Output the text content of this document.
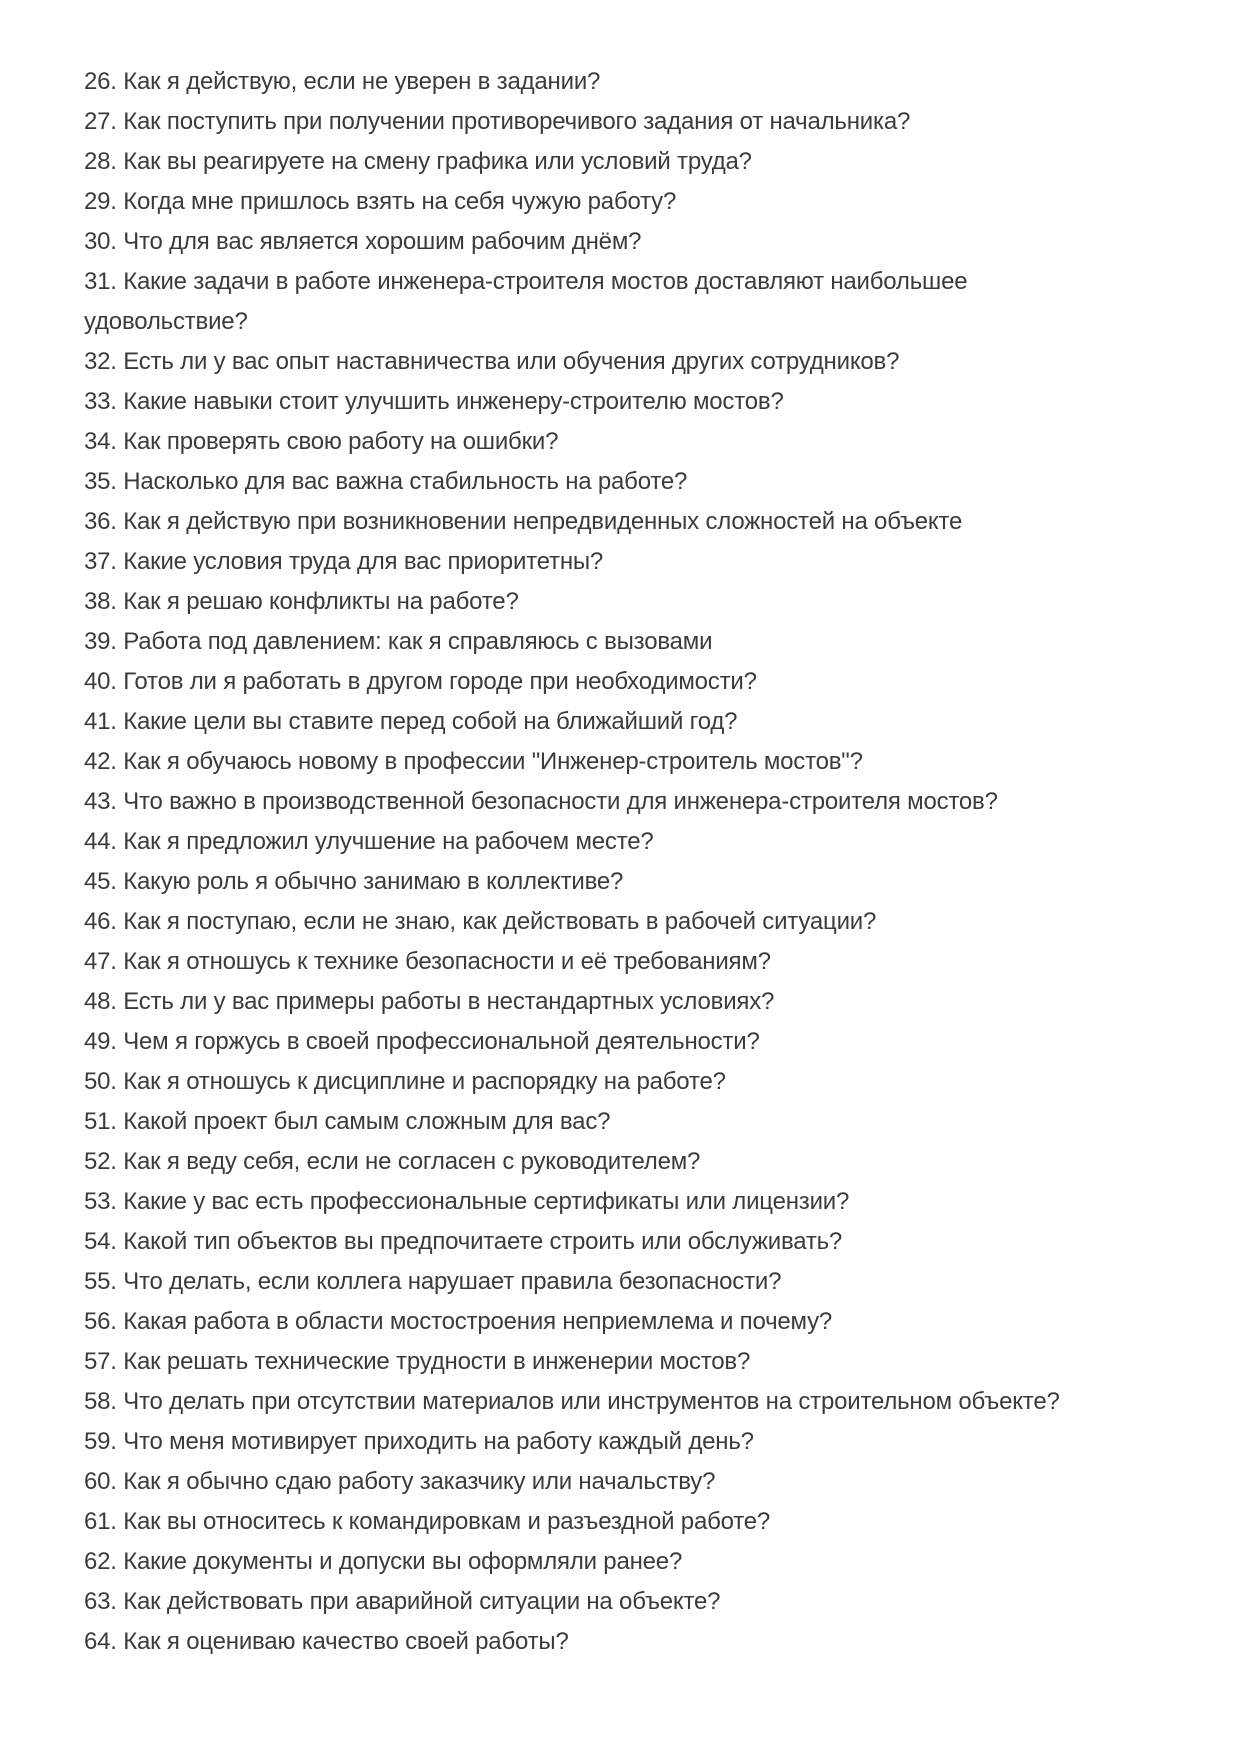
26. Как я действую, если не уверен в задании?
27. Как поступить при получении противоречивого задания от начальника?
28. Как вы реагируете на смену графика или условий труда?
29. Когда мне пришлось взять на себя чужую работу?
30. Что для вас является хорошим рабочим днём?
31. Какие задачи в работе инженера-строителя мостов доставляют наибольшее
удовольствие?
32. Есть ли у вас опыт наставничества или обучения других сотрудников?
33. Какие навыки стоит улучшить инженеру-строителю мостов?
34. Как проверять свою работу на ошибки?
35. Насколько для вас важна стабильность на работе?
36. Как я действую при возникновении непредвиденных сложностей на объекте
37. Какие условия труда для вас приоритетны?
38. Как я решаю конфликты на работе?
39. Работа под давлением: как я справляюсь с вызовами
40. Готов ли я работать в другом городе при необходимости?
41. Какие цели вы ставите перед собой на ближайший год?
42. Как я обучаюсь новому в профессии "Инженер-строитель мостов"?
43. Что важно в производственной безопасности для инженера-строителя мостов?
44. Как я предложил улучшение на рабочем месте?
45. Какую роль я обычно занимаю в коллективе?
46. Как я поступаю, если не знаю, как действовать в рабочей ситуации?
47. Как я отношусь к технике безопасности и её требованиям?
48. Есть ли у вас примеры работы в нестандартных условиях?
49. Чем я горжусь в своей профессиональной деятельности?
50. Как я отношусь к дисциплине и распорядку на работе?
51. Какой проект был самым сложным для вас?
52. Как я веду себя, если не согласен с руководителем?
53. Какие у вас есть профессиональные сертификаты или лицензии?
54. Какой тип объектов вы предпочитаете строить или обслуживать?
55. Что делать, если коллега нарушает правила безопасности?
56. Какая работа в области мостостроения неприемлема и почему?
57. Как решать технические трудности в инженерии мостов?
58. Что делать при отсутствии материалов или инструментов на строительном объекте?
59. Что меня мотивирует приходить на работу каждый день?
60. Как я обычно сдаю работу заказчику или начальству?
61. Как вы относитесь к командировкам и разъездной работе?
62. Какие документы и допуски вы оформляли ранее?
63. Как действовать при аварийной ситуации на объекте?
64. Как я оцениваю качество своей работы?
